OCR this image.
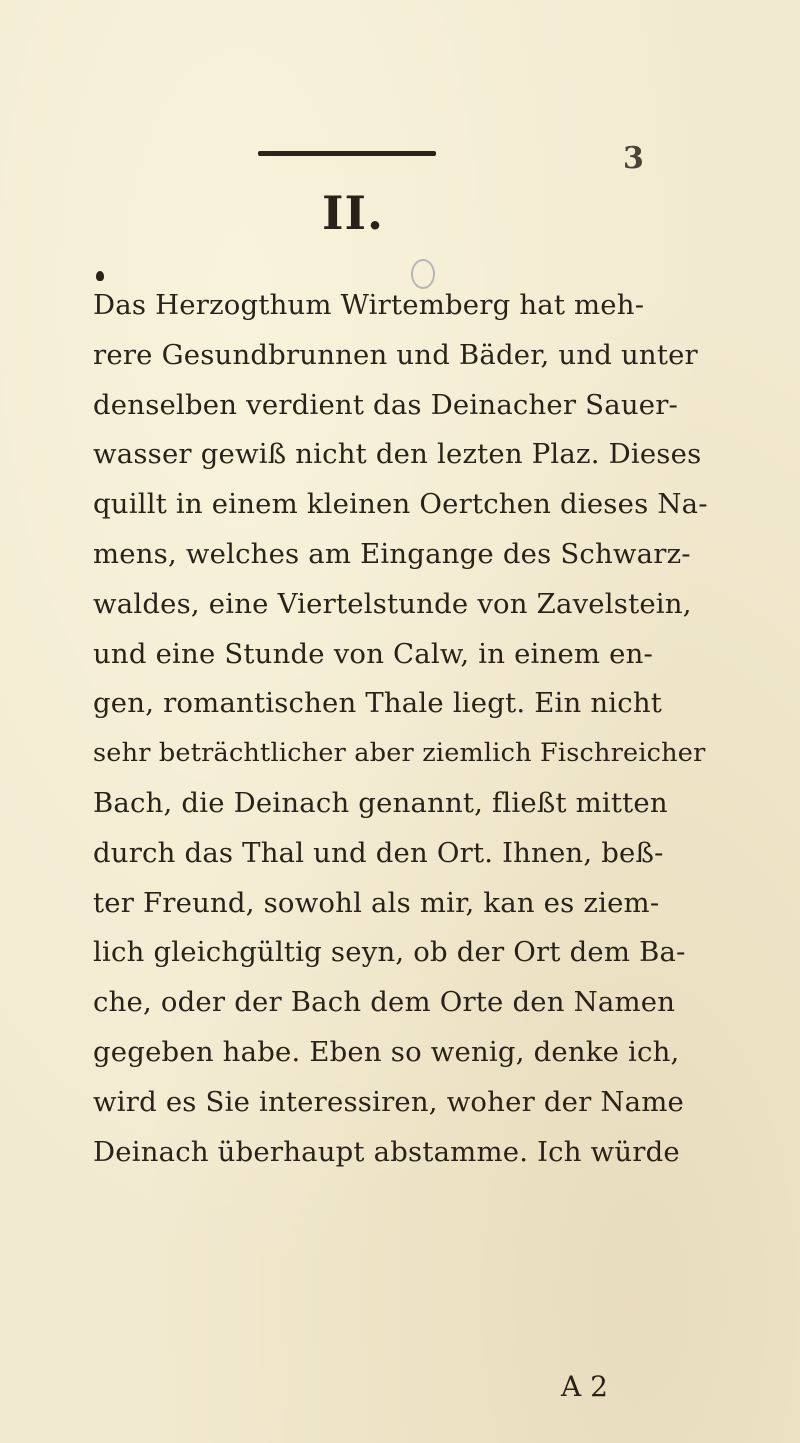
3
II.
Das Herzogthum Wirtemberg hat meh-
rere Gesundbrunnen und Bäder, und unter
denselben verdient das Deinacher Sauer-
wasser gewiß nicht den lezten Plaz. Dieses
quillt in einem kleinen Oertchen dieses Na-
mens, welches am Eingange des Schwarz-
waldes, eine Viertelstunde von Zavelstein,
und eine Stunde von Calw, in einem en-
gen, romantischen Thale liegt. Ein nicht
sehr beträchtlicher aber ziemlich Fischreicher
Bach, die Deinach genannt, fließt mitten
durch das Thal und den Ort. Ihnen, beß-
ter Freund, sowohl als mir, kan es ziem-
lich gleichgültig seyn, ob der Ort dem Ba-
che, oder der Bach dem Orte den Namen
gegeben habe. Eben so wenig, denke ich,
wird es Sie interessiren, woher der Name
Deinach überhaupt abstamme. Ich würde
A 2
